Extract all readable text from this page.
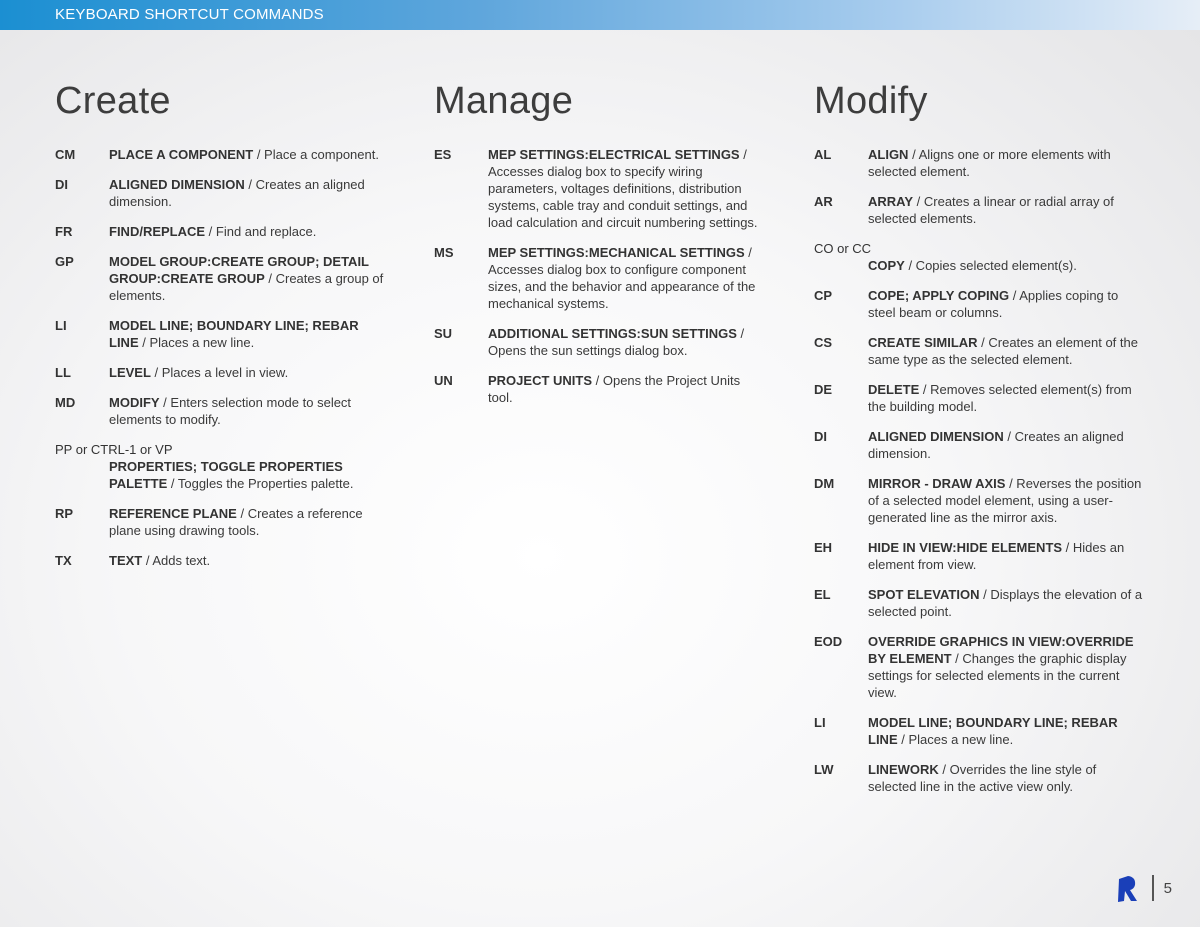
KEYBOARD SHORTCUT COMMANDS
Create
CM	PLACE A COMPONENT / Place a component.
DI	ALIGNED DIMENSION / Creates an aligned dimension.
FR	FIND/REPLACE / Find and replace.
GP	MODEL GROUP:CREATE GROUP; DETAIL GROUP:CREATE GROUP / Creates a group of elements.
LI	MODEL LINE; BOUNDARY LINE; REBAR LINE / Places a new line.
LL	LEVEL / Places a level in view.
MD	MODIFY / Enters selection mode to select elements to modify.
PP or CTRL-1 or VP
PROPERTIES; TOGGLE PROPERTIES PALETTE / Toggles the Properties palette.
RP	REFERENCE PLANE / Creates a reference plane using drawing tools.
TX	TEXT / Adds text.
Manage
ES	MEP SETTINGS:ELECTRICAL SETTINGS / Accesses dialog box to specify wiring parameters, voltages definitions, distribution systems, cable tray and conduit settings, and load calculation and circuit numbering settings.
MS	MEP SETTINGS:MECHANICAL SETTINGS / Accesses dialog box to configure component sizes, and the behavior and appearance of the mechanical systems.
SU	ADDITIONAL SETTINGS:SUN SETTINGS / Opens the sun settings dialog box.
UN	PROJECT UNITS / Opens the Project Units tool.
Modify
AL	ALIGN / Aligns one or more elements with selected element.
AR	ARRAY / Creates a linear or radial array of selected elements.
CO or CC
COPY / Copies selected element(s).
CP	COPE; APPLY COPING / Applies coping to steel beam or columns.
CS	CREATE SIMILAR / Creates an element of the same type as the selected element.
DE	DELETE / Removes selected element(s) from the building model.
DI	ALIGNED DIMENSION / Creates an aligned dimension.
DM	MIRROR - DRAW AXIS / Reverses the position of a selected model element, using a user-generated line as the mirror axis.
EH	HIDE IN VIEW:HIDE ELEMENTS / Hides an element from view.
EL	SPOT ELEVATION / Displays the elevation of a selected point.
EOD	OVERRIDE GRAPHICS IN VIEW:OVERRIDE BY ELEMENT / Changes the graphic display settings for selected elements in the current view.
LI	MODEL LINE; BOUNDARY LINE; REBAR LINE / Places a new line.
LW	LINEWORK / Overrides the line style of selected line in the active view only.
5
